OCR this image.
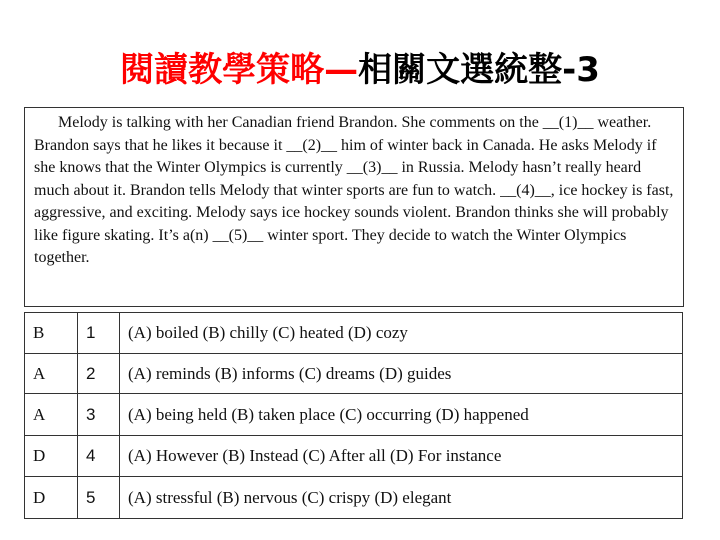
閱讀教學策略—相關文選統整-3
Melody is talking with her Canadian friend Brandon. She comments on the __(1)__ weather. Brandon says that he likes it because it __(2)__ him of winter back in Canada. He asks Melody if she knows that the Winter Olympics is currently __(3)__ in Russia. Melody hasn’t really heard much about it. Brandon tells Melody that winter sports are fun to watch. __(4)__, ice hockey is fast, aggressive, and exciting. Melody says ice hockey sounds violent. Brandon thinks she will probably like figure skating. It’s a(n) __(5)__ winter sport. They decide to watch the Winter Olympics together.
B	1	(A) boiled (B) chilly (C) heated (D) cozy
A	2	(A) reminds (B) informs (C) dreams (D) guides
A	3	(A) being held (B) taken place (C) occurring (D) happened
D	4	(A) However (B) Instead (C) After all (D) For instance
D	5	(A) stressful (B) nervous (C) crispy (D) elegant
